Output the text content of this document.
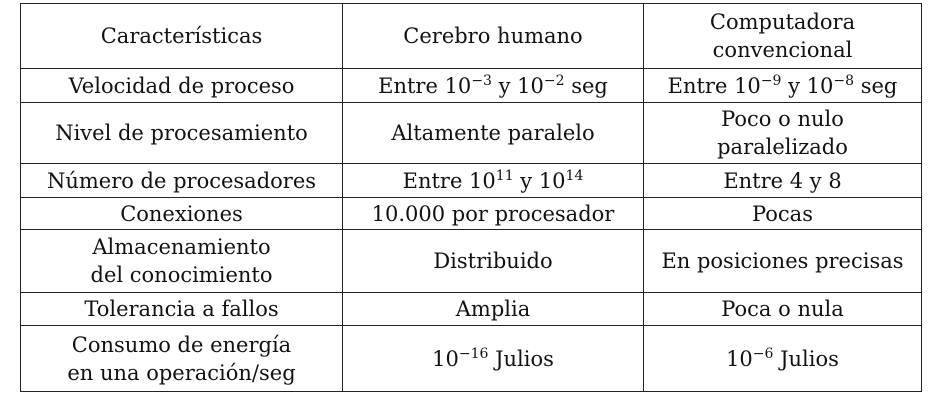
Características	Cerebro humano	Computadora
convencional

Velocidad de proceso	Entre $10^{-3}$ y $10^{-2}$ seg	Entre $10^{-9}$ y $10^{-8}$ seg
Nivel de procesamiento	Altamente paralelo	Poco o nulo
paralelizado

Número de procesadores	Entre $10^{11}$ y $10^{14}$	Entre 4 y 8
Conexiones	10.000 por procesador	Pocas

Almacenamiento
del conocimiento	Distribuido	En posiciones precisas
Tolerancia a fallos	Amplia	Poca o nula

Consumo de energía
en una operación/seg	$10^{-16}$ Julios	$10^{-6}$ Julios
